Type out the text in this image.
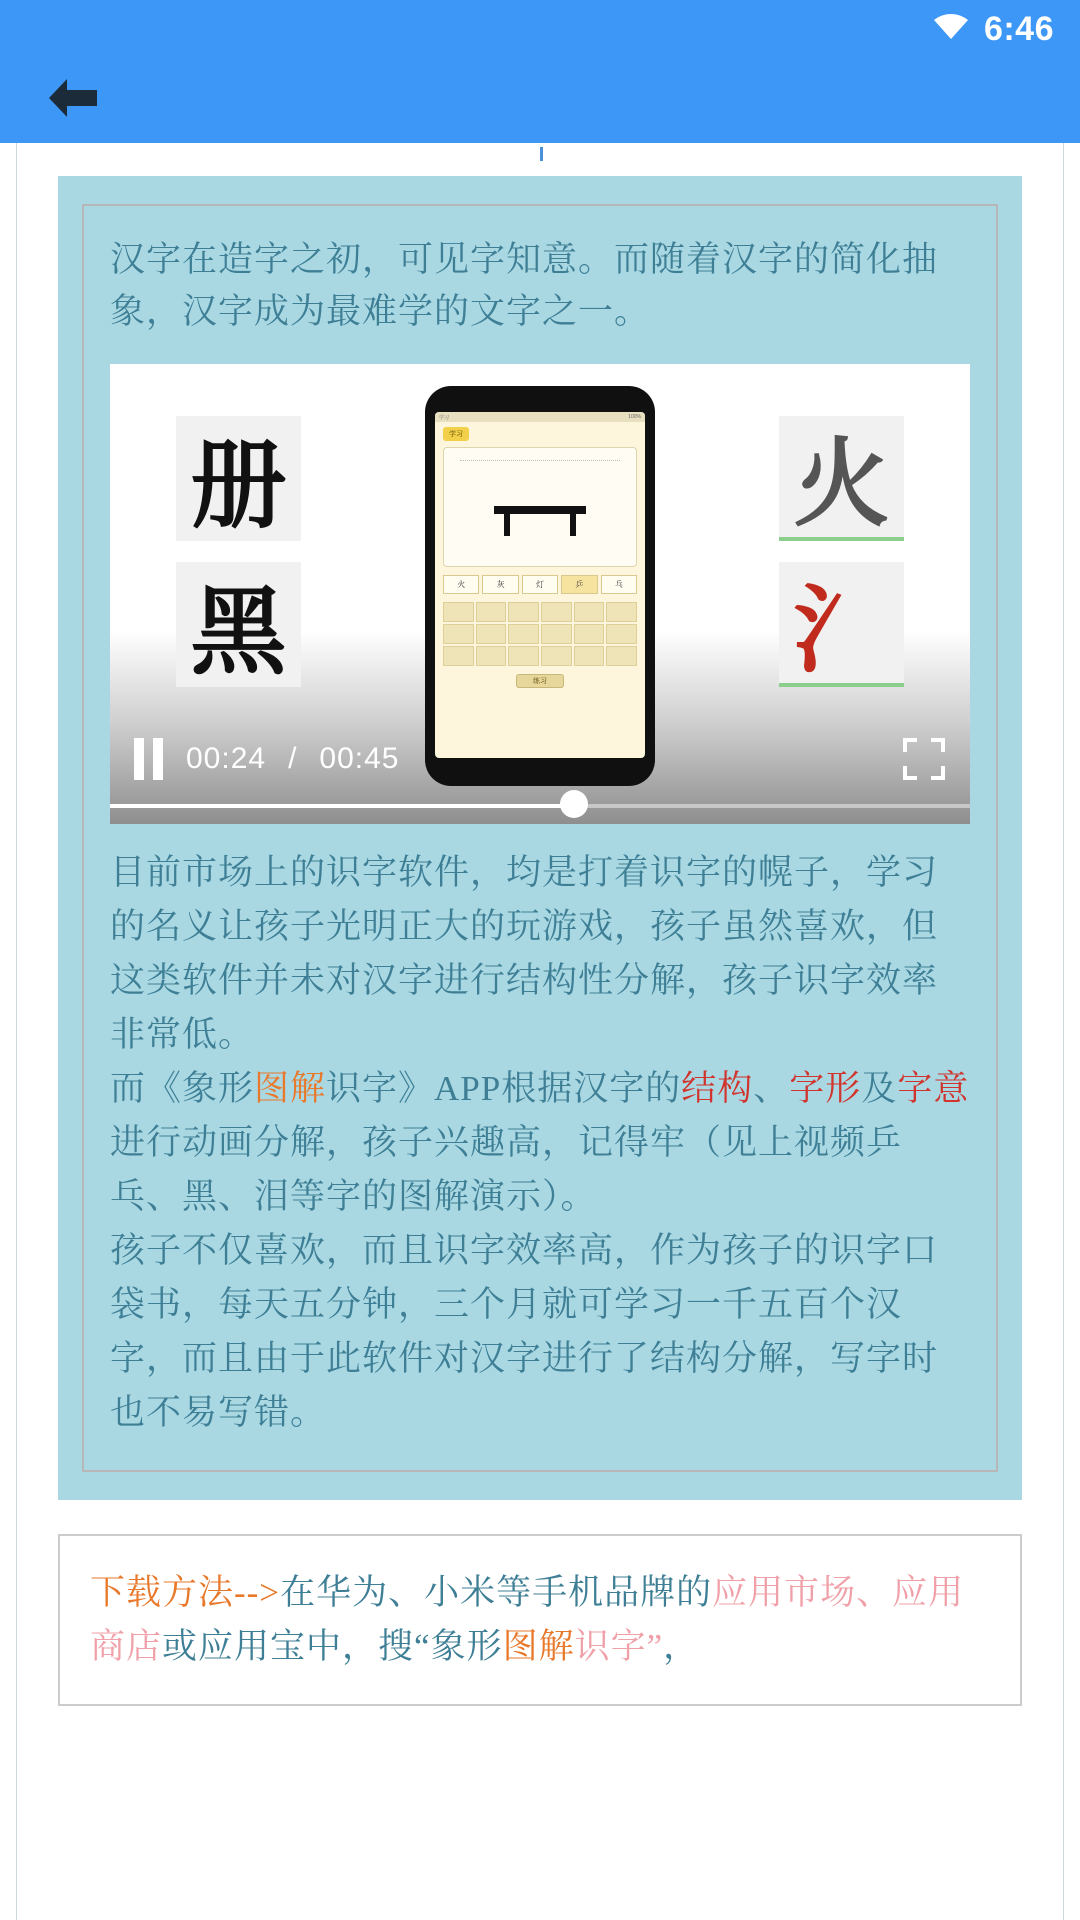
6:46
汉字在造字之初，可见字知意。而随着汉字的简化抽象，汉字成为最难学的文字之一。
册
黑
火
氵
学习	100%
学习
火	灰	灯	乒	乓
练习
00:24 / 00:45

目前市场上的识字软件，均是打着识字的幌子，学习的名义让孩子光明正大的玩游戏，孩子虽然喜欢，但这类软件并未对汉字进行结构性分解，孩子识字效率非常低。

而《象形图解识字》APP根据汉字的结构、字形及字意进行动画分解，孩子兴趣高，记得牢（见上视频乒乓、黑、泪等字的图解演示）。

孩子不仅喜欢，而且识字效率高，作为孩子的识字口袋书，每天五分钟，三个月就可学习一千五百个汉字，而且由于此软件对汉字进行了结构分解，写字时也不易写错。

下载方法-->在华为、小米等手机品牌的应用市场、应用商店或应用宝中，搜“象形图解识字”，
